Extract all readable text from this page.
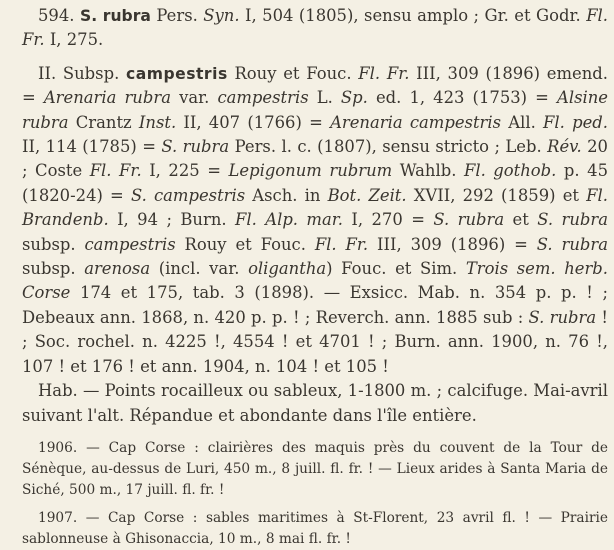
594. S. rubra Pers. Syn. I, 504 (1805), sensu amplo ; Gr. et Godr. Fl. Fr. I, 275.

II. Subsp. campestris Rouy et Fouc. Fl. Fr. III, 309 (1896) emend. = Arenaria rubra var. campestris L. Sp. ed. 1, 423 (1753) = Alsine rubra Crantz Inst. II, 407 (1766) = Arenaria campestris All. Fl. ped. II, 114 (1785) = S. rubra Pers. l. c. (1807), sensu stricto ; Leb. Rév. 20 ; Coste Fl. Fr. I, 225 = Lepigonum rubrum Wahlb. Fl. gothob. p. 45 (1820-24) = S. campestris Asch. in Bot. Zeit. XVII, 292 (1859) et Fl. Brandenb. I, 94 ; Burn. Fl. Alp. mar. I, 270 = S. rubra et S. rubra subsp. campestris Rouy et Fouc. Fl. Fr. III, 309 (1896) = S. rubra subsp. arenosa (incl. var. oligantha) Fouc. et Sim. Trois sem. herb. Corse 174 et 175, tab. 3 (1898). — Exsicc. Mab. n. 354 p. p. ! ; Debeaux ann. 1868, n. 420 p. p. ! ; Reverch. ann. 1885 sub : S. rubra ! ; Soc. rochel. n. 4225 !, 4554 ! et 4701 ! ; Burn. ann. 1900, n. 76 !, 107 ! et 176 ! et ann. 1904, n. 104 ! et 105 !

Hab. — Points rocailleux ou sableux, 1-1800 m. ; calcifuge. Mai-avril suivant l'alt. Répandue et abondante dans l'île entière.

1906. — Cap Corse : clairières des maquis près du couvent de la Tour de Sénèque, au-dessus de Luri, 450 m., 8 juill. fl. fr. ! — Lieux arides à Santa Maria de Siché, 500 m., 17 juill. fl. fr. !

1907. — Cap Corse : sables maritimes à St-Florent, 23 avril fl. ! — Prairie sablonneuse à Ghisonaccia, 10 m., 8 mai fl. fr. !
